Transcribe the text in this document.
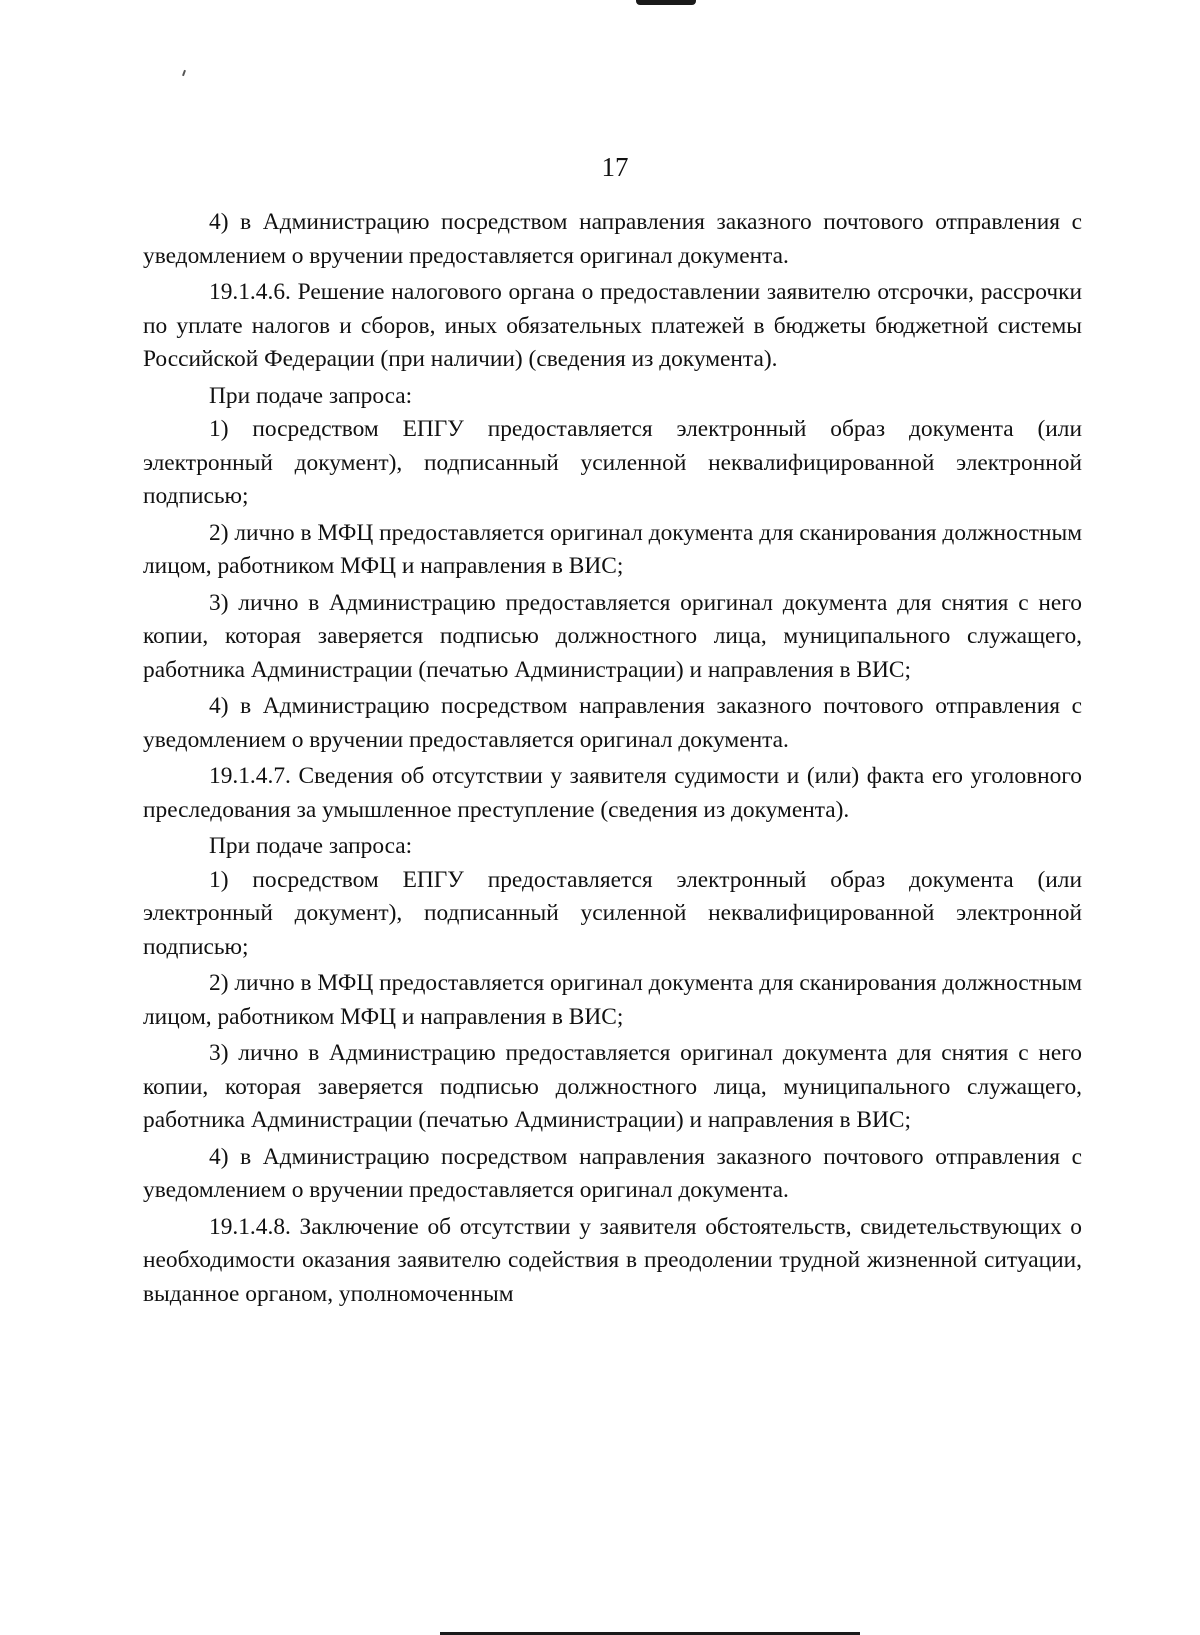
17

4) в Администрацию посредством направления заказного почтового отправления с уведомлением о вручении предоставляется оригинал документа.

19.1.4.6. Решение налогового органа о предоставлении заявителю отсрочки, рассрочки по уплате налогов и сборов, иных обязательных платежей в бюджеты бюджетной системы Российской Федерации (при наличии) (сведения из документа).

При подаче запроса:

1) посредством ЕПГУ предоставляется электронный образ документа (или электронный документ), подписанный усиленной неквалифицированной электронной подписью;

2) лично в МФЦ предоставляется оригинал документа для сканирования должностным лицом, работником МФЦ и направления в ВИС;

3) лично в Администрацию предоставляется оригинал документа для снятия с него копии, которая заверяется подписью должностного лица, муниципального служащего, работника Администрации (печатью Администрации) и направления в ВИС;

4) в Администрацию посредством направления заказного почтового отправления с уведомлением о вручении предоставляется оригинал документа.

19.1.4.7. Сведения об отсутствии у заявителя судимости и (или) факта его уголовного преследования за умышленное преступление (сведения из документа).

При подаче запроса:

1) посредством ЕПГУ предоставляется электронный образ документа (или электронный документ), подписанный усиленной неквалифицированной электронной подписью;

2) лично в МФЦ предоставляется оригинал документа для сканирования должностным лицом, работником МФЦ и направления в ВИС;

3) лично в Администрацию предоставляется оригинал документа для снятия с него копии, которая заверяется подписью должностного лица, муниципального служащего, работника Администрации (печатью Администрации) и направления в ВИС;

4) в Администрацию посредством направления заказного почтового отправления с уведомлением о вручении предоставляется оригинал документа.

19.1.4.8. Заключение об отсутствии у заявителя обстоятельств, свидетельствующих о необходимости оказания заявителю содействия в преодолении трудной жизненной ситуации, выданное органом, уполномоченным
